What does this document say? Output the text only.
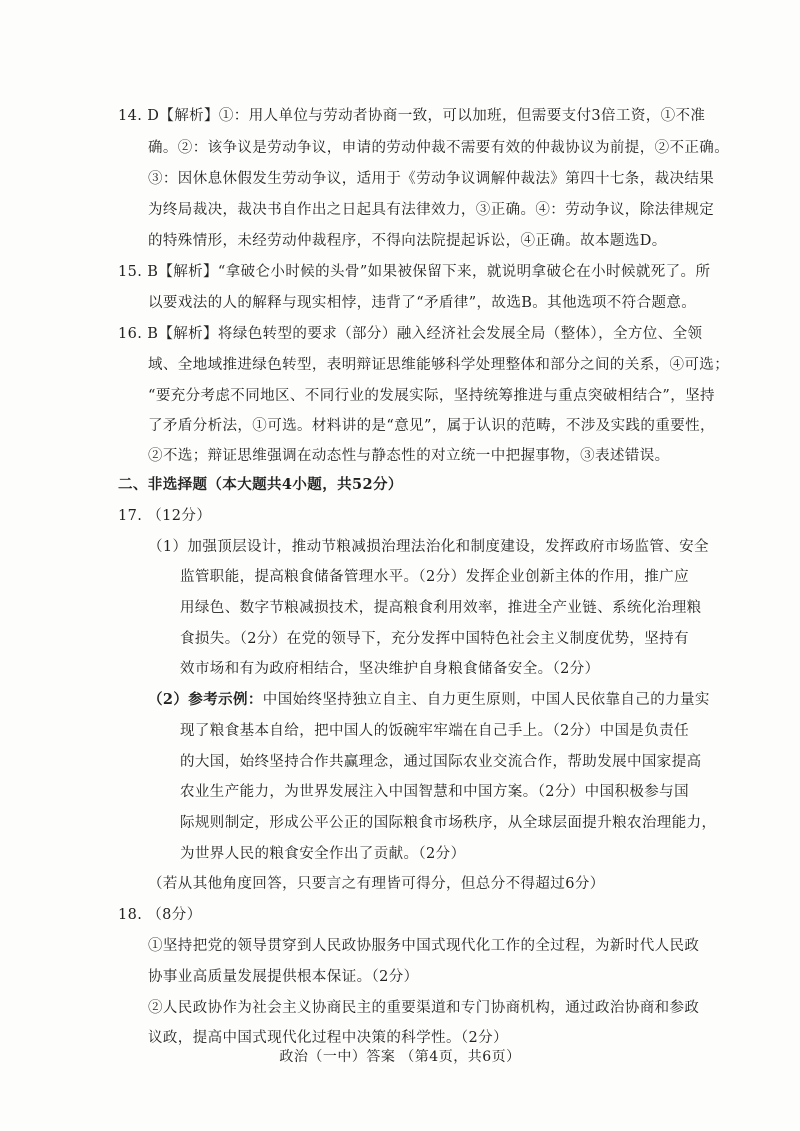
14. D【解析】①：用人单位与劳动者协商一致，可以加班，但需要支付3倍工资，①不准
确。②：该争议是劳动争议，申请的劳动仲裁不需要有效的仲裁协议为前提，②不正确。
③：因休息休假发生劳动争议，适用于《劳动争议调解仲裁法》第四十七条，裁决结果
为终局裁决，裁决书自作出之日起具有法律效力，③正确。④：劳动争议，除法律规定
的特殊情形，未经劳动仲裁程序，不得向法院提起诉讼，④正确。故本题选D。
15. B【解析】“拿破仑小时候的头骨”如果被保留下来，就说明拿破仑在小时候就死了。所
以要戏法的人的解释与现实相悖，违背了“矛盾律”，故选B。其他选项不符合题意。
16. B【解析】将绿色转型的要求（部分）融入经济社会发展全局（整体），全方位、全领
域、全地域推进绿色转型，表明辩证思维能够科学处理整体和部分之间的关系，④可选；
“要充分考虑不同地区、不同行业的发展实际，坚持统筹推进与重点突破相结合”，坚持
了矛盾分析法，①可选。材料讲的是“意见”，属于认识的范畴，不涉及实践的重要性，
②不选；辩证思维强调在动态性与静态性的对立统一中把握事物，③表述错误。
二、非选择题（本大题共4小题，共52分）
17. （12分）
（1）加强顶层设计，推动节粮减损治理法治化和制度建设，发挥政府市场监管、安全
监管职能，提高粮食储备管理水平。（2分）发挥企业创新主体的作用，推广应
用绿色、数字节粮减损技术，提高粮食利用效率，推进全产业链、系统化治理粮
食损失。（2分）在党的领导下，充分发挥中国特色社会主义制度优势，坚持有
效市场和有为政府相结合，坚决维护自身粮食储备安全。（2分）
（2）参考示例：中国始终坚持独立自主、自力更生原则，中国人民依靠自己的力量实
现了粮食基本自给，把中国人的饭碗牢牢端在自己手上。（2分）中国是负责任
的大国，始终坚持合作共赢理念，通过国际农业交流合作，帮助发展中国家提高
农业生产能力，为世界发展注入中国智慧和中国方案。（2分）中国积极参与国
际规则制定，形成公平公正的国际粮食市场秩序，从全球层面提升粮农治理能力，
为世界人民的粮食安全作出了贡献。（2分）
（若从其他角度回答，只要言之有理皆可得分，但总分不得超过6分）
18. （8分）
①坚持把党的领导贯穿到人民政协服务中国式现代化工作的全过程，为新时代人民政
协事业高质量发展提供根本保证。（2分）
②人民政协作为社会主义协商民主的重要渠道和专门协商机构，通过政治协商和参政
议政，提高中国式现代化过程中决策的科学性。（2分）
政治（一中）答案 （第4页，共6页）
